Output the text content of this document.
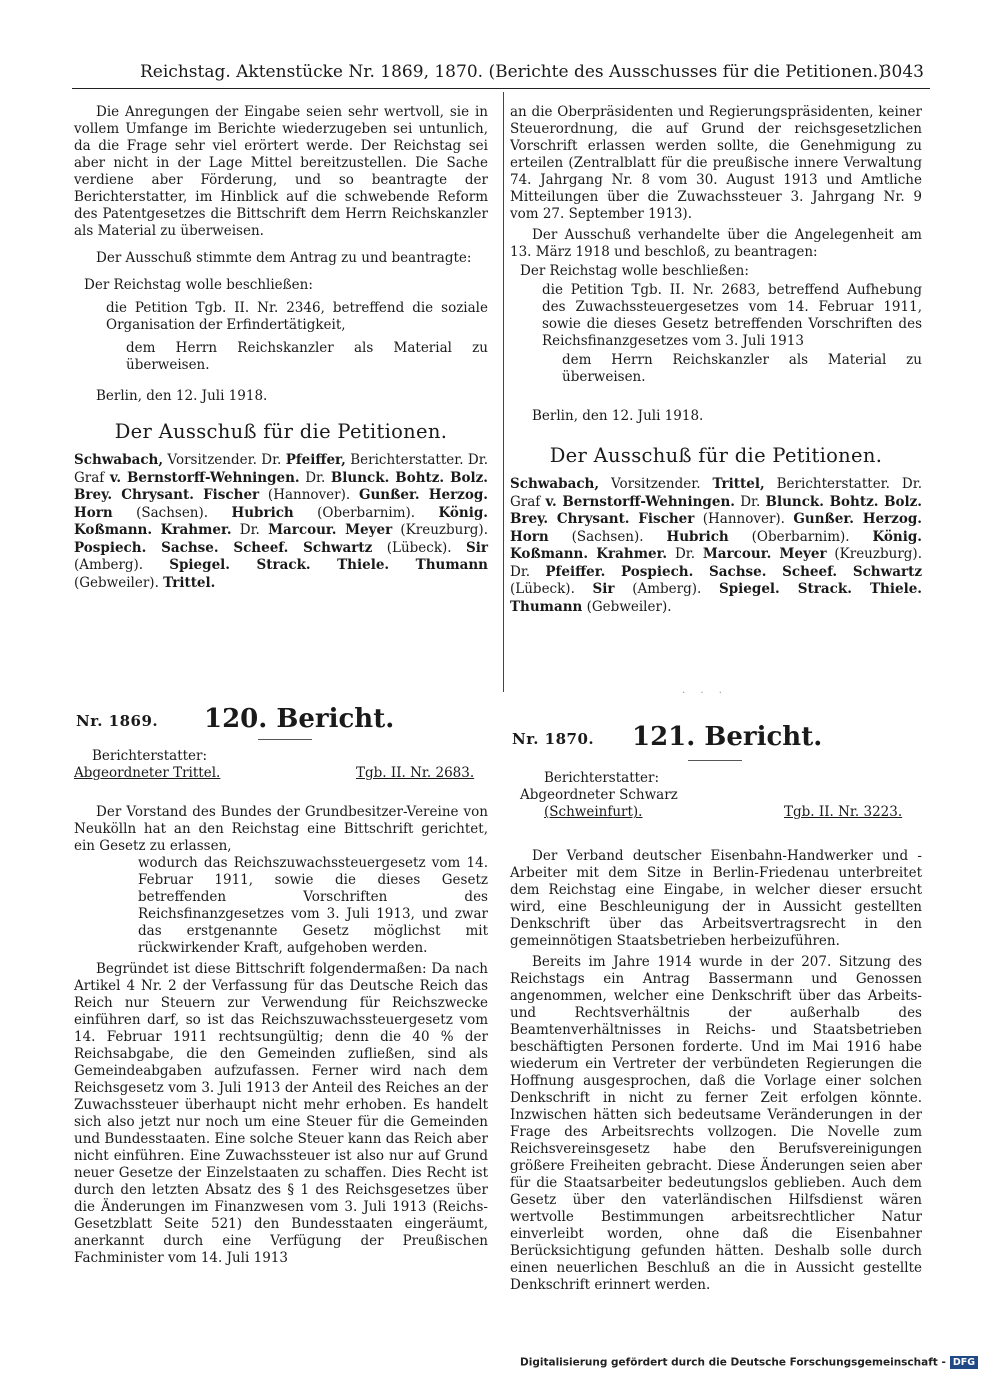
Reichstag. Aktenstücke Nr. 1869, 1870. (Berichte des Ausschusses für die Petitionen.)
3043

Die Anregungen der Eingabe seien sehr wertvoll, sie in vollem Umfange im Berichte wiederzugeben sei untunlich, da die Frage sehr viel erörtert werde. Der Reichstag sei aber nicht in der Lage Mittel bereitzustellen. Die Sache verdiene aber Förderung, und so beantragte der Berichterstatter, im Hinblick auf die schwebende Reform des Patentgesetzes die Bittschrift dem Herrn Reichskanzler als Material zu überweisen.

Der Ausschuß stimmte dem Antrag zu und beantragte:

Der Reichstag wolle beschließen:

die Petition Tgb. II. Nr. 2346, betreffend die soziale Organisation der Erfindertätigkeit,

dem Herrn Reichskanzler als Material zu überweisen.

Berlin, den 12. Juli 1918.

Der Ausschuß für die Petitionen.
Schwabach, Vorsitzender. Dr. Pfeiffer, Berichterstatter. Dr. Graf v. Bernstorff-Wehningen. Dr. Blunck. Bohtz. Bolz. Brey. Chrysant. Fischer (Hannover). Gunßer. Herzog. Horn (Sachsen). Hubrich (Oberbarnim). König. Koßmann. Krahmer. Dr. Marcour. Meyer (Kreuzburg). Pospiech. Sachse. Scheef. Schwartz (Lübeck). Sir (Amberg). Spiegel. Strack. Thiele. Thumann (Gebweiler). Trittel.

an die Oberpräsidenten und Regierungspräsidenten, keiner Steuerordnung, die auf Grund der reichsgesetzlichen Vorschrift erlassen werden sollte, die Genehmigung zu erteilen (Zentralblatt für die preußische innere Verwaltung 74. Jahrgang Nr. 8 vom 30. August 1913 und Amtliche Mitteilungen über die Zuwachssteuer 3. Jahrgang Nr. 9 vom 27. September 1913).

Der Ausschuß verhandelte über die Angelegenheit am 13. März 1918 und beschloß, zu beantragen:

Der Reichstag wolle beschließen:

die Petition Tgb. II. Nr. 2683, betreffend Aufhebung des Zuwachssteuergesetzes vom 14. Februar 1911, sowie die dieses Gesetz betreffenden Vorschriften des Reichsfinanzgesetzes vom 3. Juli 1913

dem Herrn Reichskanzler als Material zu überweisen.

Berlin, den 12. Juli 1918.

Der Ausschuß für die Petitionen.
Schwabach, Vorsitzender. Trittel, Berichterstatter. Dr. Graf v. Bernstorff-Wehningen. Dr. Blunck. Bohtz. Bolz. Brey. Chrysant. Fischer (Hannover). Gunßer. Herzog. Horn (Sachsen). Hubrich (Oberbarnim). König. Koßmann. Krahmer. Dr. Marcour. Meyer (Kreuzburg). Dr. Pfeiffer. Pospiech. Sachse. Scheef. Schwartz (Lübeck). Sir (Amberg). Spiegel. Strack. Thiele. Thumann (Gebweiler).
· · ·
Nr. 1869. 120. Bericht.
Berichterstatter:
Abgeordneter Trittel.	Tgb. II. Nr. 2683.

Der Vorstand des Bundes der Grundbesitzer-Vereine von Neukölln hat an den Reichstag eine Bittschrift gerichtet, ein Gesetz zu erlassen,

wodurch das Reichszuwachssteuergesetz vom 14. Februar 1911, sowie die dieses Gesetz betreffenden Vorschriften des Reichsfinanzgesetzes vom 3. Juli 1913, und zwar das erstgenannte Gesetz möglichst mit rückwirkender Kraft, aufgehoben werden.

Begründet ist diese Bittschrift folgendermaßen: Da nach Artikel 4 Nr. 2 der Verfassung für das Deutsche Reich das Reich nur Steuern zur Verwendung für Reichszwecke einführen darf, so ist das Reichszuwachssteuergesetz vom 14. Februar 1911 rechtsungültig; denn die 40 % der Reichsabgabe, die den Gemeinden zufließen, sind als Gemeindeabgaben aufzufassen. Ferner wird nach dem Reichsgesetz vom 3. Juli 1913 der Anteil des Reiches an der Zuwachssteuer überhaupt nicht mehr erhoben. Es handelt sich also jetzt nur noch um eine Steuer für die Gemeinden und Bundesstaaten. Eine solche Steuer kann das Reich aber nicht einführen. Eine Zuwachssteuer ist also nur auf Grund neuer Gesetze der Einzelstaaten zu schaffen. Dies Recht ist durch den letzten Absatz des § 1 des Reichsgesetzes über die Änderungen im Finanzwesen vom 3. Juli 1913 (Reichs-Gesetzblatt Seite 521) den Bundesstaaten eingeräumt, anerkannt durch eine Verfügung der Preußischen Fachminister vom 14. Juli 1913

Nr. 1870. 121. Bericht.
Berichterstatter:
Abgeordneter Schwarz
(Schweinfurt).	Tgb. II. Nr. 3223.

Der Verband deutscher Eisenbahn-Handwerker und -Arbeiter mit dem Sitze in Berlin-Friedenau unterbreitet dem Reichstag eine Eingabe, in welcher dieser ersucht wird, eine Beschleunigung der in Aussicht gestellten Denkschrift über das Arbeitsvertragsrecht in den gemeinnötigen Staatsbetrieben herbeizuführen.

Bereits im Jahre 1914 wurde in der 207. Sitzung des Reichstags ein Antrag Bassermann und Genossen angenommen, welcher eine Denkschrift über das Arbeits- und Rechtsverhältnis der außerhalb des Beamtenverhältnisses in Reichs- und Staatsbetrieben beschäftigten Personen forderte. Und im Mai 1916 habe wiederum ein Vertreter der verbündeten Regierungen die Hoffnung ausgesprochen, daß die Vorlage einer solchen Denkschrift in nicht zu ferner Zeit erfolgen könnte. Inzwischen hätten sich bedeutsame Veränderungen in der Frage des Arbeitsrechts vollzogen. Die Novelle zum Reichsvereinsgesetz habe den Berufsvereinigungen größere Freiheiten gebracht. Diese Änderungen seien aber für die Staatsarbeiter bedeutungslos geblieben. Auch dem Gesetz über den vaterländischen Hilfsdienst wären wertvolle Bestimmungen arbeitsrechtlicher Natur einverleibt worden, ohne daß die Eisenbahner Berücksichtigung gefunden hätten. Deshalb solle durch einen neuerlichen Beschluß an die in Aussicht gestellte Denkschrift erinnert werden.

Digitalisierung gefördert durch die Deutsche Forschungsgemeinschaft - DFG
